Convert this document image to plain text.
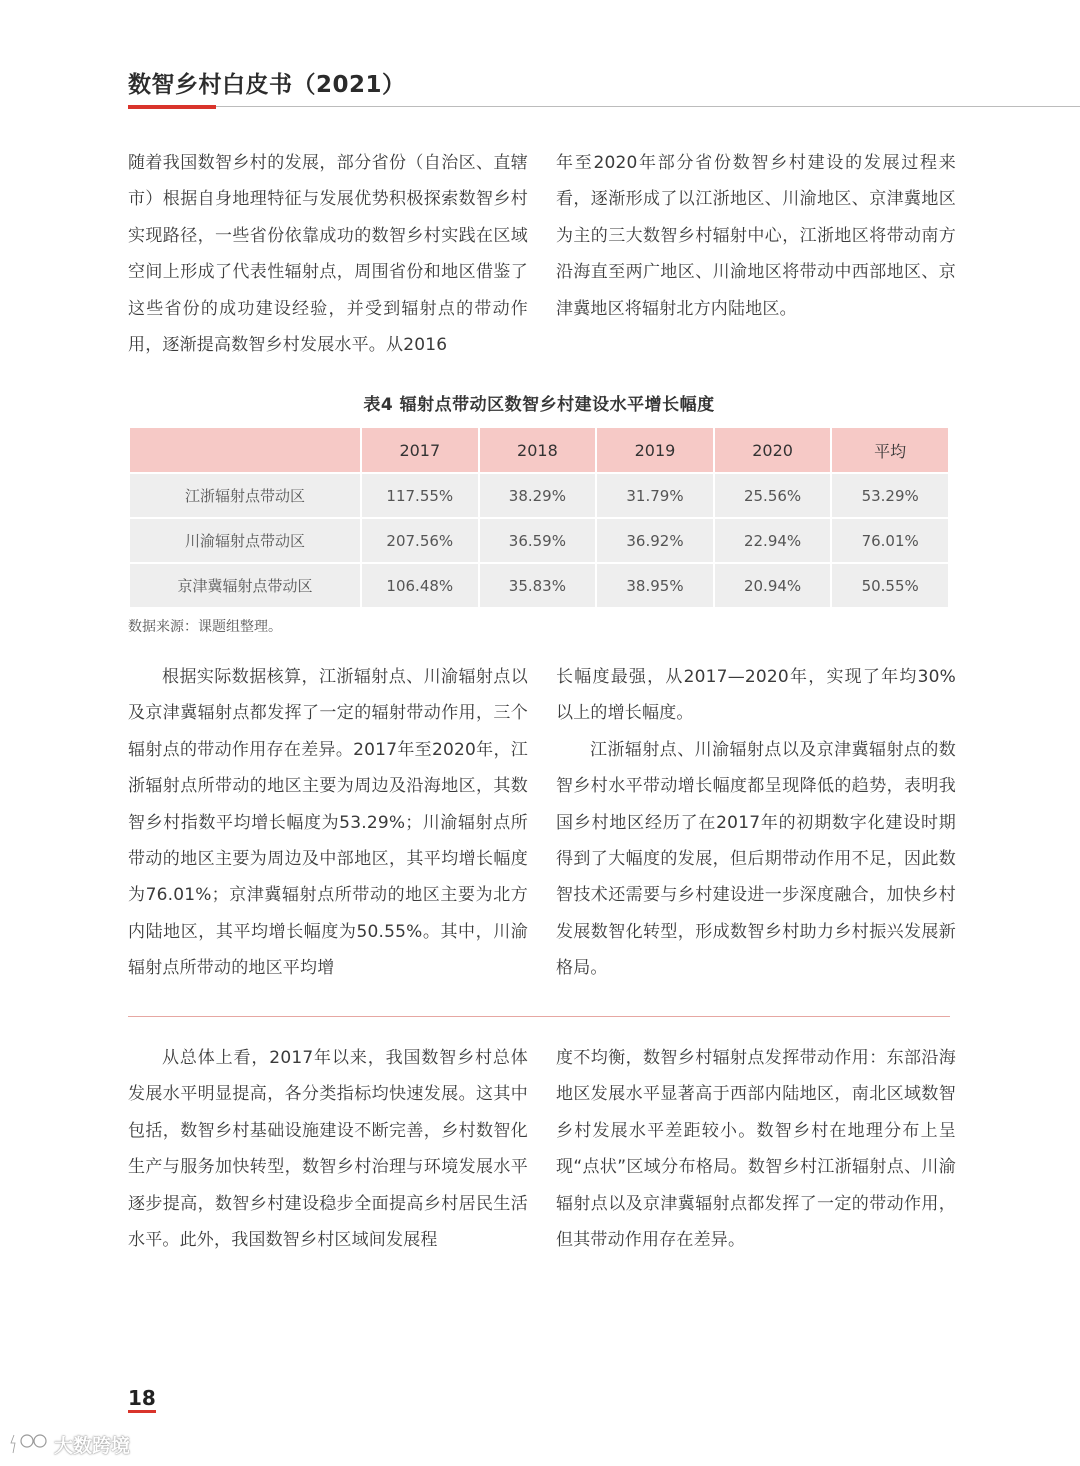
数智乡村白皮书（2021）

随着我国数智乡村的发展，部分省份（自治区、直辖市）根据自身地理特征与发展优势积极探索数智乡村实现路径，一些省份依靠成功的数智乡村实践在区域空间上形成了代表性辐射点，周围省份和地区借鉴了这些省份的成功建设经验，并受到辐射点的带动作用，逐渐提高数智乡村发展水平。从2016

年至2020年部分省份数智乡村建设的发展过程来看，逐渐形成了以江浙地区、川渝地区、京津冀地区为主的三大数智乡村辐射中心，江浙地区将带动南方沿海直至两广地区、川渝地区将带动中西部地区、京津冀地区将辐射北方内陆地区。

表4 辐射点带动区数智乡村建设水平增长幅度
	2017	2018	2019	2020	平均
江浙辐射点带动区	117.55%	38.29%	31.79%	25.56%	53.29%
川渝辐射点带动区	207.56%	36.59%	36.92%	22.94%	76.01%
京津冀辐射点带动区	106.48%	35.83%	38.95%	20.94%	50.55%
数据来源：课题组整理。

根据实际数据核算，江浙辐射点、川渝辐射点以及京津冀辐射点都发挥了一定的辐射带动作用，三个辐射点的带动作用存在差异。2017年至2020年，江浙辐射点所带动的地区主要为周边及沿海地区，其数智乡村指数平均增长幅度为53.29%；川渝辐射点所带动的地区主要为周边及中部地区，其平均增长幅度为76.01%；京津冀辐射点所带动的地区主要为北方内陆地区，其平均增长幅度为50.55%。其中，川渝辐射点所带动的地区平均增

长幅度最强，从2017—2020年，实现了年均30%以上的增长幅度。

江浙辐射点、川渝辐射点以及京津冀辐射点的数智乡村水平带动增长幅度都呈现降低的趋势，表明我国乡村地区经历了在2017年的初期数字化建设时期得到了大幅度的发展，但后期带动作用不足，因此数智技术还需要与乡村建设进一步深度融合，加快乡村发展数智化转型，形成数智乡村助力乡村振兴发展新格局。

从总体上看，2017年以来，我国数智乡村总体发展水平明显提高，各分类指标均快速发展。这其中包括，数智乡村基础设施建设不断完善，乡村数智化生产与服务加快转型，数智乡村治理与环境发展水平逐步提高，数智乡村建设稳步全面提高乡村居民生活水平。此外，我国数智乡村区域间发展程

度不均衡，数智乡村辐射点发挥带动作用：东部沿海地区发展水平显著高于西部内陆地区，南北区域数智乡村发展水平差距较小。数智乡村在地理分布上呈现“点状”区域分布格局。数智乡村江浙辐射点、川渝辐射点以及京津冀辐射点都发挥了一定的带动作用，但其带动作用存在差异。

18
大数跨境
